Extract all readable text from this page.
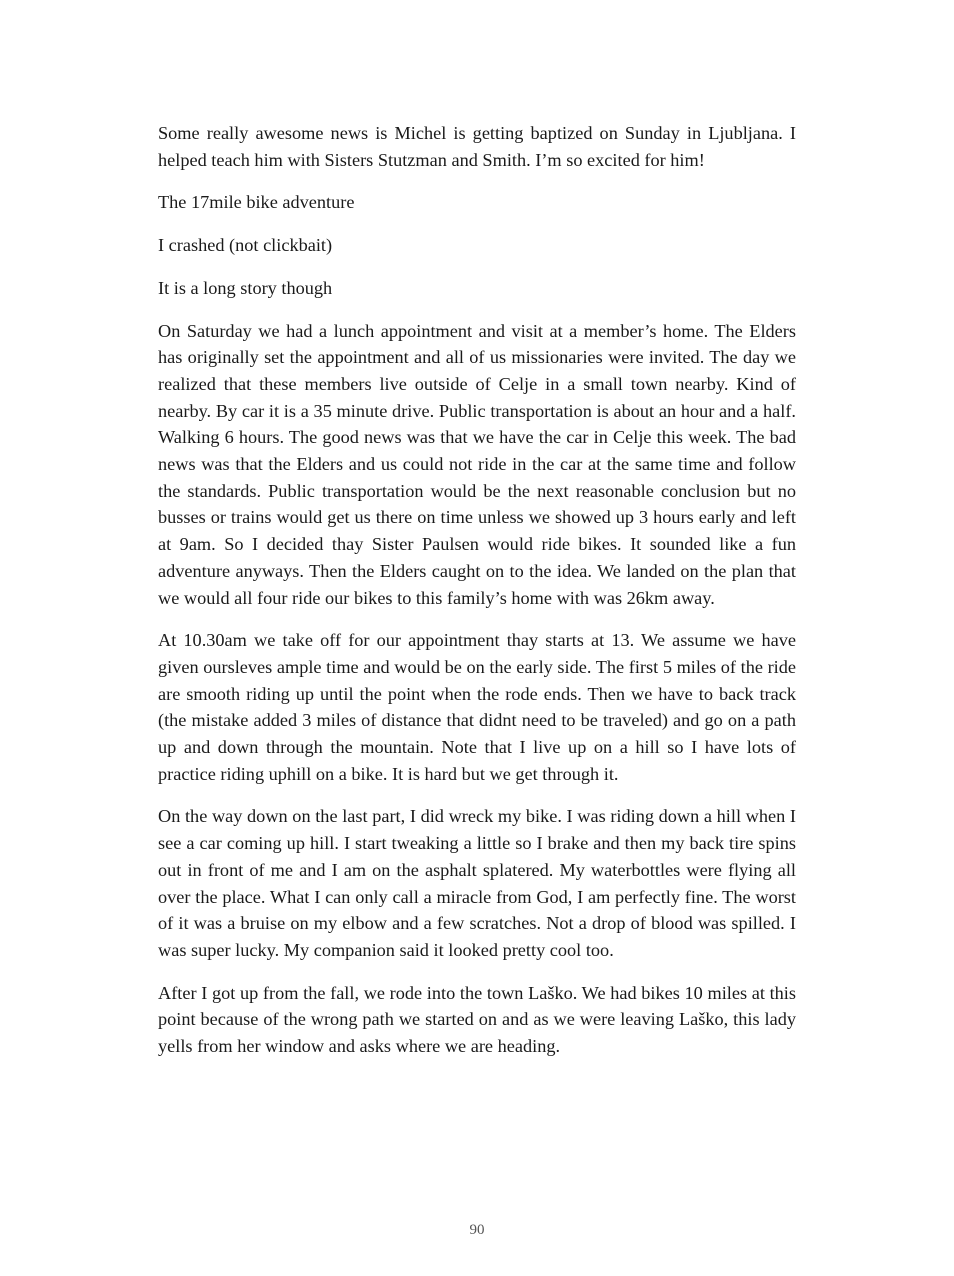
Some really awesome news is Michel is getting baptized on Sunday in Ljubljana. I helped teach him with Sisters Stutzman and Smith. I’m so excited for him!

The 17mile bike adventure

I crashed (not clickbait)

It is a long story though

On Saturday we had a lunch appointment and visit at a member’s home. The Elders has originally set the appointment and all of us missionaries were invited. The day we realized that these members live outside of Celje in a small town nearby. Kind of nearby. By car it is a 35 minute drive. Public transportation is about an hour and a half. Walking 6 hours. The good news was that we have the car in Celje this week. The bad news was that the Elders and us could not ride in the car at the same time and follow the standards. Public transportation would be the next reasonable conclusion but no busses or trains would get us there on time unless we showed up 3 hours early and left at 9am. So I decided thay Sister Paulsen would ride bikes. It sounded like a fun adventure anyways. Then the Elders caught on to the idea. We landed on the plan that we would all four ride our bikes to this family’s home with was 26km away.

At 10.30am we take off for our appointment thay starts at 13. We assume we have given oursleves ample time and would be on the early side. The first 5 miles of the ride are smooth riding up until the point when the rode ends. Then we have to back track (the mistake added 3 miles of distance that didnt need to be traveled) and go on a path up and down through the mountain. Note that I live up on a hill so I have lots of practice riding uphill on a bike. It is hard but we get through it.

On the way down on the last part, I did wreck my bike. I was riding down a hill when I see a car coming up hill. I start tweaking a little so I brake and then my back tire spins out in front of me and I am on the asphalt splatered. My waterbottles were flying all over the place. What I can only call a miracle from God, I am perfectly fine. The worst of it was a bruise on my elbow and a few scratches. Not a drop of blood was spilled. I was super lucky. My companion said it looked pretty cool too.

After I got up from the fall, we rode into the town Laško. We had bikes 10 miles at this point because of the wrong path we started on and as we were leaving Laško, this lady yells from her window and asks where we are heading.

90
